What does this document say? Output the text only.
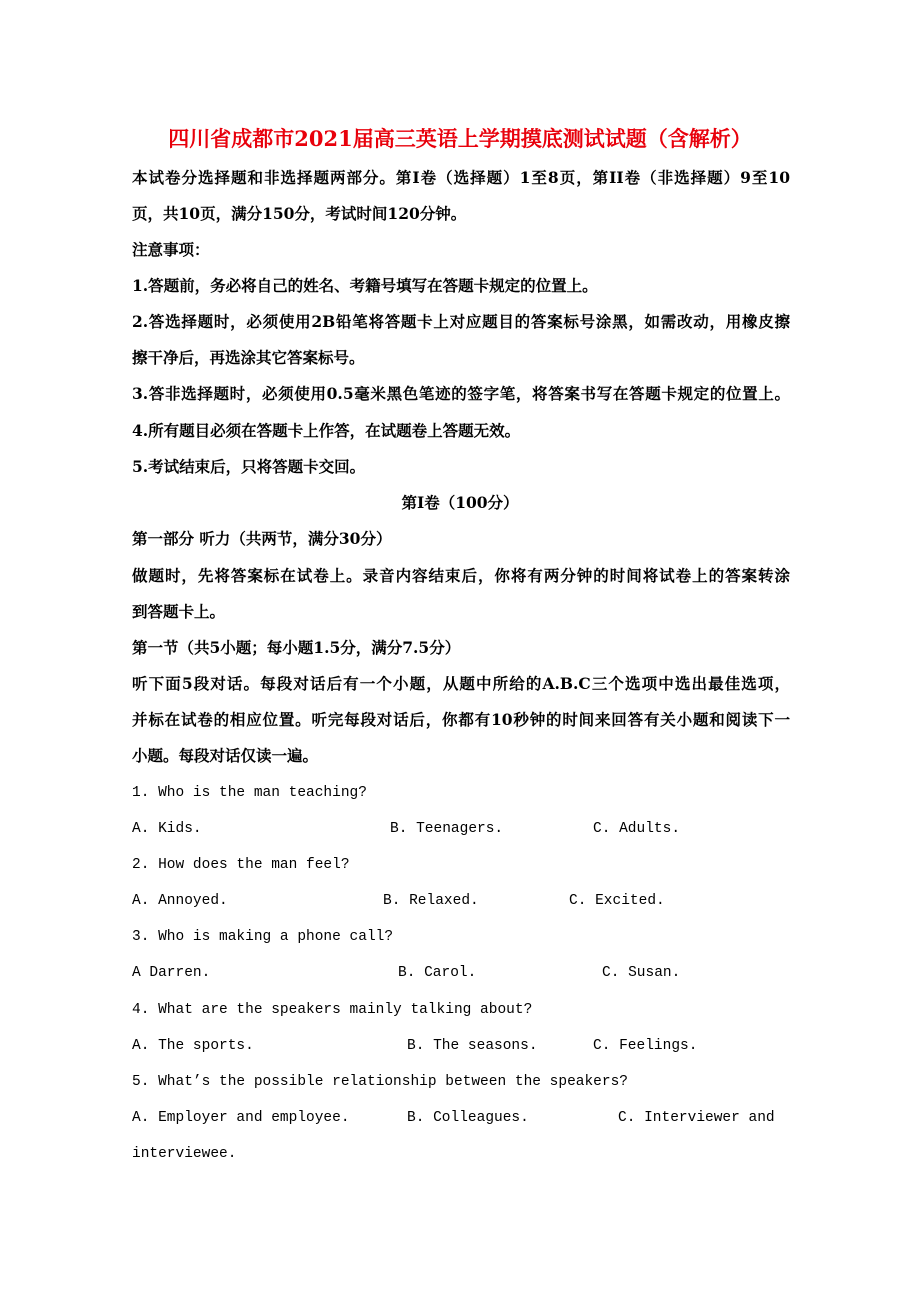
四川省成都市2021届高三英语上学期摸底测试试题（含解析）
本试卷分选择题和非选择题两部分。第Ⅰ卷（选择题）1至8页，第II卷（非选择题）9至10
页，共10页，满分150分，考试时间120分钟。
注意事项：
1.答题前，务必将自己的姓名、考籍号填写在答题卡规定的位置上。
2.答选择题时，必须使用2B铅笔将答题卡上对应题目的答案标号涂黑，如需改动，用橡皮擦
擦干净后，再选涂其它答案标号。
3.答非选择题时，必须使用0.5毫米黑色笔迹的签字笔，将答案书写在答题卡规定的位置上。
4.所有题目必须在答题卡上作答，在试题卷上答题无效。
5.考试结束后，只将答题卡交回。
第Ⅰ卷（100分）
第一部分 听力（共两节，满分30分）
做题时，先将答案标在试卷上。录音内容结束后，你将有两分钟的时间将试卷上的答案转涂
到答题卡上。
第一节（共5小题；每小题1.5分，满分7.5分）
听下面5段对话。每段对话后有一个小题，从题中所给的A.B.C三个选项中选出最佳选项，
并标在试卷的相应位置。听完每段对话后，你都有10秒钟的时间来回答有关小题和阅读下一
小题。每段对话仅读一遍。
1. Who is the man teaching?
A. Kids.	B. Teenagers.	C. Adults.
2. How does the man feel?
A. Annoyed.	B. Relaxed.	C. Excited.
3. Who is making a phone call?
A Darren.	B. Carol.	C. Susan.
4. What are the speakers mainly talking about?
A. The sports.	B. The seasons.	C. Feelings.
5. What’s the possible relationship between the speakers?
A. Employer and employee.	B. Colleagues.	C. Interviewer and
interviewee.
